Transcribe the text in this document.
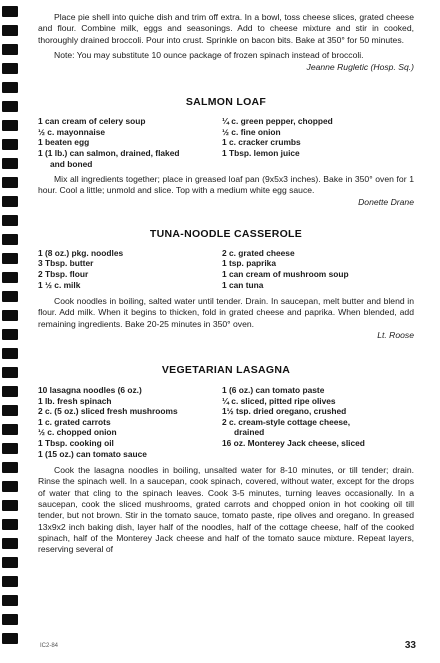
Place pie shell into quiche dish and trim off extra. In a bowl, toss cheese slices, grated cheese and flour. Combine milk, eggs and seasonings. Add to cheese mixture and stir in cooked, thoroughly drained broccoli. Pour into crust. Sprinkle on bacon bits. Bake at 350° for 50 minutes.

Note: You may substitute 10 ounce package of frozen spinach instead of broccoli.

Jeanne Rugletic (Hosp. Sq.)
SALMON LOAF
1 can cream of celery soup
½ c. mayonnaise
1 beaten egg
1 (1 lb.) can salmon, drained, flaked
and boned
¼ c. green pepper, chopped
½ c. fine onion
1 c. cracker crumbs
1 Tbsp. lemon juice

Mix all ingredients together; place in greased loaf pan (9x5x3 inches). Bake in 350° oven for 1 hour. Cool a little; unmold and slice. Top with a medium white egg sauce.

Donette Drane
TUNA-NOODLE CASSEROLE
1 (8 oz.) pkg. noodles
3 Tbsp. butter
2 Tbsp. flour
1 ½ c. milk
2 c. grated cheese
1 tsp. paprika
1 can cream of mushroom soup
1 can tuna

Cook noodles in boiling, salted water until tender. Drain. In saucepan, melt butter and blend in flour. Add milk. When it begins to thicken, fold in grated cheese and paprika. When blended, add remaining ingredients. Bake 20-25 minutes in 350° oven.

Lt. Roose
VEGETARIAN LASAGNA
10 lasagna noodles (6 oz.)
1 lb. fresh spinach
2 c. (5 oz.) sliced fresh mushrooms
1 c. grated carrots
½ c. chopped onion
1 Tbsp. cooking oil
1 (15 oz.) can tomato sauce
1 (6 oz.) can tomato paste
¼ c. sliced, pitted ripe olives
1½ tsp. dried oregano, crushed
2 c. cream-style cottage cheese,
drained
16 oz. Monterey Jack cheese, sliced

Cook the lasagna noodles in boiling, unsalted water for 8-10 minutes, or till tender; drain. Rinse the spinach well. In a saucepan, cook spinach, covered, without water, except for the drops of water that cling to the spinach leaves. Cook 3-5 minutes, turning leaves occasionally. In a saucepan, cook the sliced mushrooms, grated carrots and chopped onion in hot cooking oil till tender, but not brown. Stir in the tomato sauce, tomato paste, ripe olives and oregano. In greased 13x9x2 inch baking dish, layer half of the noodles, half of the cottage cheese, half of the cooked spinach, half of the Monterey Jack cheese and half of the tomato sauce mixture. Repeat layers, reserving several of

IC2-84	33
